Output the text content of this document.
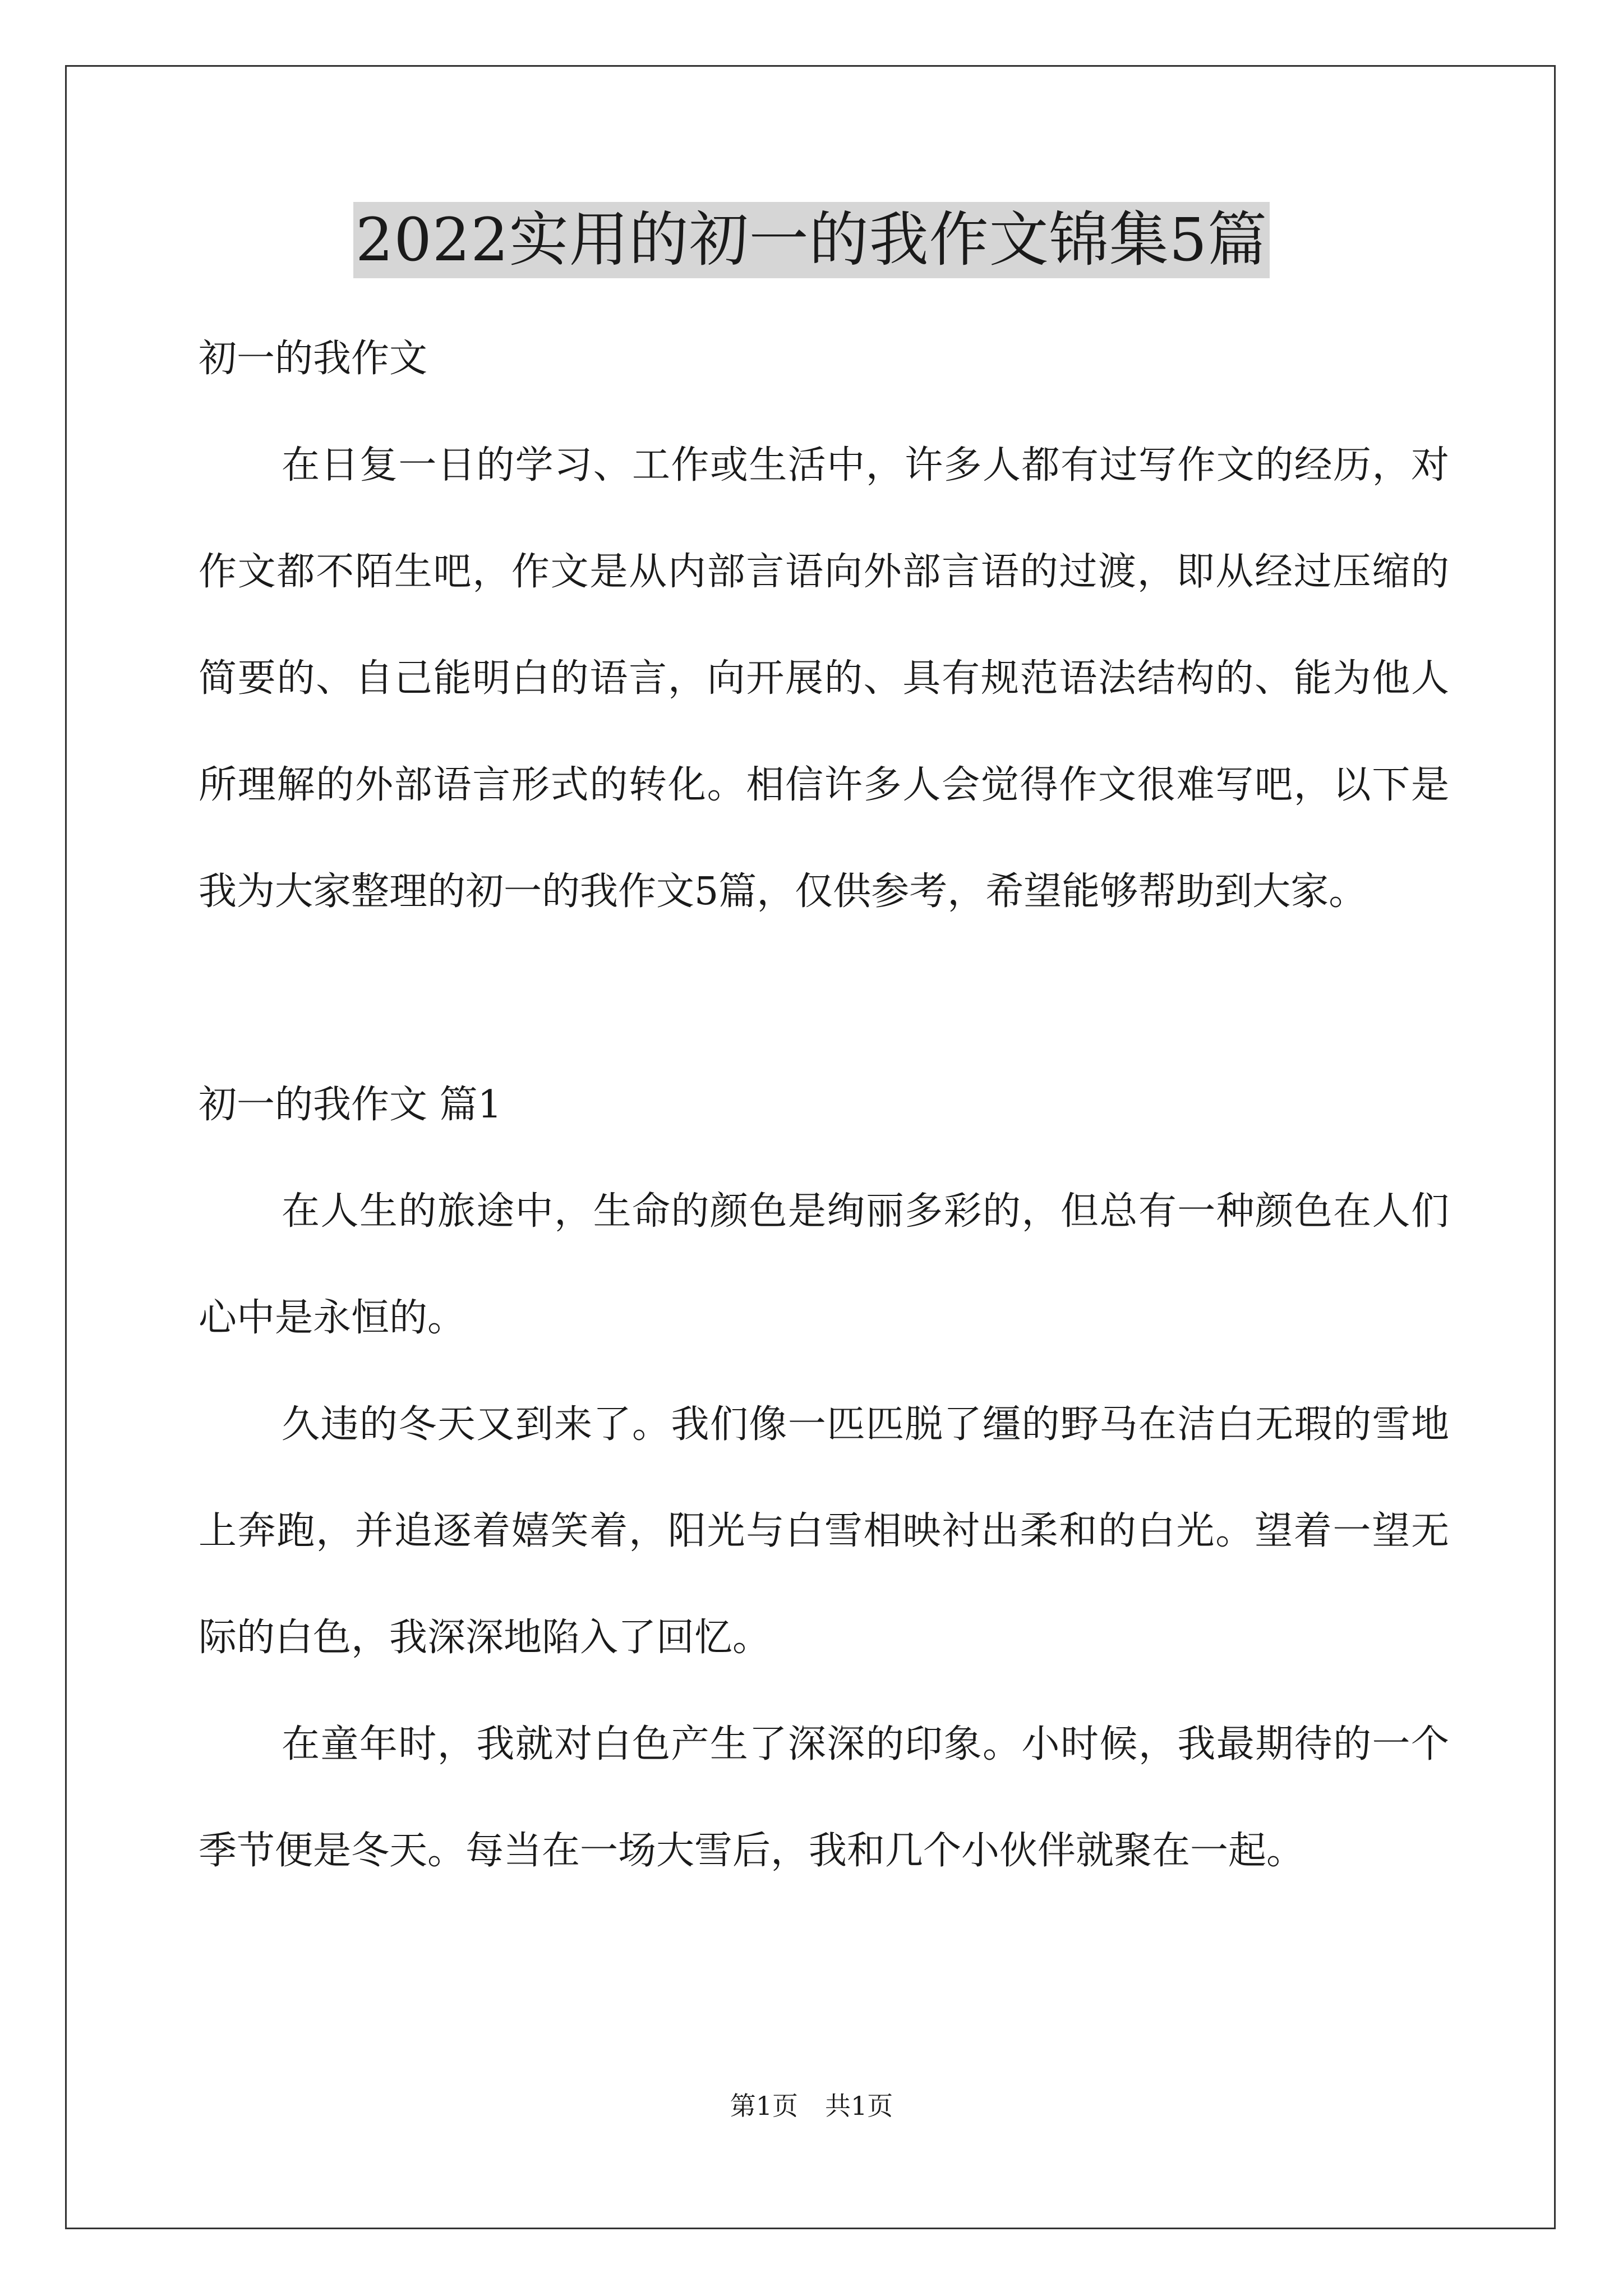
2022实用的初一的我作文锦集5篇

初一的我作文

在日复一日的学习、工作或生活中，许多人都有过写作文的经历，对作文都不陌生吧，作文是从内部言语向外部言语的过渡，即从经过压缩的简要的、自己能明白的语言，向开展的、具有规范语法结构的、能为他人所理解的外部语言形式的转化。相信许多人会觉得作文很难写吧，以下是我为大家整理的初一的我作文5篇，仅供参考，希望能够帮助到大家。

初一的我作文 篇1

在人生的旅途中，生命的颜色是绚丽多彩的，但总有一种颜色在人们心中是永恒的。

久违的冬天又到来了。我们像一匹匹脱了缰的野马在洁白无瑕的雪地上奔跑，并追逐着嬉笑着，阳光与白雪相映衬出柔和的白光。望着一望无际的白色，我深深地陷入了回忆。

在童年时，我就对白色产生了深深的印象。小时候，我最期待的一个季节便是冬天。每当在一场大雪后，我和几个小伙伴就聚在一起。

第1页 共1页
